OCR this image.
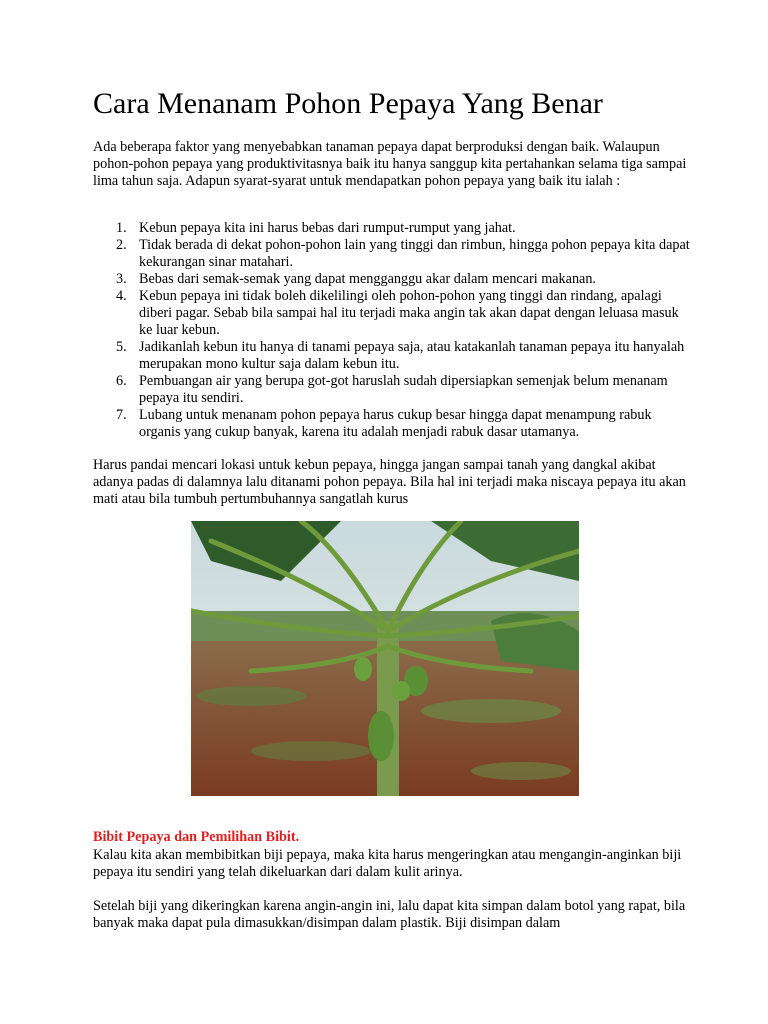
Cara Menanam Pohon Pepaya Yang Benar

Ada beberapa faktor yang menyebabkan tanaman pepaya dapat berproduksi dengan baik. Walaupun pohon-pohon pepaya yang produktivitasnya baik itu hanya sanggup kita pertahankan selama tiga sampai lima tahun saja. Adapun syarat-syarat untuk mendapatkan pohon pepaya yang baik itu ialah :

1. Kebun pepaya kita ini harus bebas dari rumput-rumput yang jahat.
2. Tidak berada di dekat pohon-pohon lain yang tinggi dan rimbun, hingga pohon pepaya kita dapat kekurangan sinar matahari.
3. Bebas dari semak-semak yang dapat mengganggu akar dalam mencari makanan.
4. Kebun pepaya ini tidak boleh dikelilingi oleh pohon-pohon yang tinggi dan rindang, apalagi diberi pagar. Sebab bila sampai hal itu terjadi maka angin tak akan dapat dengan leluasa masuk ke luar kebun.
5. Jadikanlah kebun itu hanya di tanami pepaya saja, atau katakanlah tanaman pepaya itu hanyalah merupakan mono kultur saja dalam kebun itu.
6. Pembuangan air yang berupa got-got haruslah sudah dipersiapkan semenjak belum menanam pepaya itu sendiri.
7. Lubang untuk menanam pohon pepaya harus cukup besar hingga dapat menampung rabuk organis yang cukup banyak, karena itu adalah menjadi rabuk dasar utamanya.

Harus pandai mencari lokasi untuk kebun pepaya, hingga jangan sampai tanah yang dangkal akibat adanya padas di dalamnya lalu ditanami pohon pepaya. Bila hal ini terjadi maka niscaya pepaya itu akan mati atau bila tumbuh pertumbuhannya sangatlah kurus

Bibit Pepaya dan Pemilihan Bibit.

Kalau kita akan membibitkan biji pepaya, maka kita harus mengeringkan atau mengangin-anginkan biji pepaya itu sendiri yang telah dikeluarkan dari dalam kulit arinya.

Setelah biji yang dikeringkan karena angin-angin ini, lalu dapat kita simpan dalam botol yang rapat, bila banyak maka dapat pula dimasukkan/disimpan dalam plastik. Biji disimpan dalam
